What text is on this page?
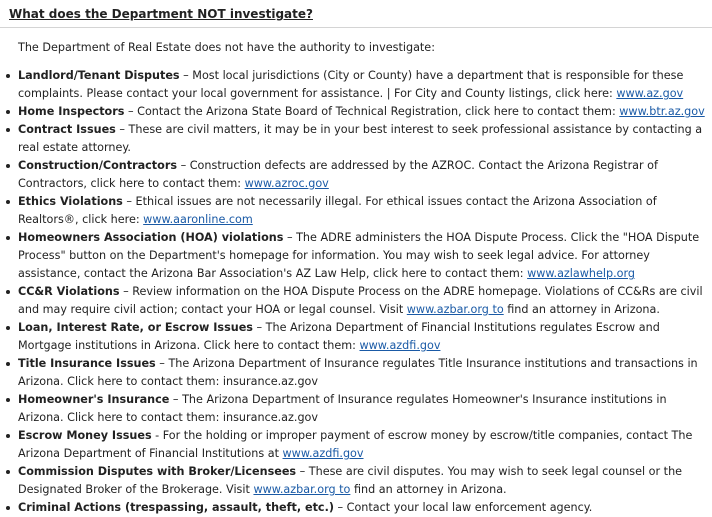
What does the Department NOT investigate?

The Department of Real Estate does not have the authority to investigate:

Landlord/Tenant Disputes – Most local jurisdictions (City or County) have a department that is responsible for these complaints. Please contact your local government for assistance. | For City and County listings, click here: www.az.gov
Home Inspectors – Contact the Arizona State Board of Technical Registration, click here to contact them: www.btr.az.gov
Contract Issues – These are civil matters, it may be in your best interest to seek professional assistance by contacting a real estate attorney.
Construction/Contractors – Construction defects are addressed by the AZROC. Contact the Arizona Registrar of Contractors, click here to contact them: www.azroc.gov
Ethics Violations – Ethical issues are not necessarily illegal. For ethical issues contact the Arizona Association of Realtors®, click here: www.aaronline.com
Homeowners Association (HOA) violations – The ADRE administers the HOA Dispute Process. Click the "HOA Dispute Process" button on the Department's homepage for information. You may wish to seek legal advice. For attorney assistance, contact the Arizona Bar Association's AZ Law Help, click here to contact them: www.azlawhelp.org
CC&R Violations – Review information on the HOA Dispute Process on the ADRE homepage. Violations of CC&Rs are civil and may require civil action; contact your HOA or legal counsel. Visit www.azbar.org to find an attorney in Arizona.
Loan, Interest Rate, or Escrow Issues – The Arizona Department of Financial Institutions regulates Escrow and Mortgage institutions in Arizona. Click here to contact them: www.azdfi.gov
Title Insurance Issues – The Arizona Department of Insurance regulates Title Insurance institutions and transactions in Arizona. Click here to contact them: insurance.az.gov
Homeowner's Insurance – The Arizona Department of Insurance regulates Homeowner's Insurance institutions in Arizona. Click here to contact them: insurance.az.gov
Escrow Money Issues - For the holding or improper payment of escrow money by escrow/title companies, contact The Arizona Department of Financial Institutions at www.azdfi.gov
Commission Disputes with Broker/Licensees – These are civil disputes. You may wish to seek legal counsel or the Designated Broker of the Brokerage. Visit www.azbar.org to find an attorney in Arizona.
Criminal Actions (trespassing, assault, theft, etc.) – Contact your local law enforcement agency.
